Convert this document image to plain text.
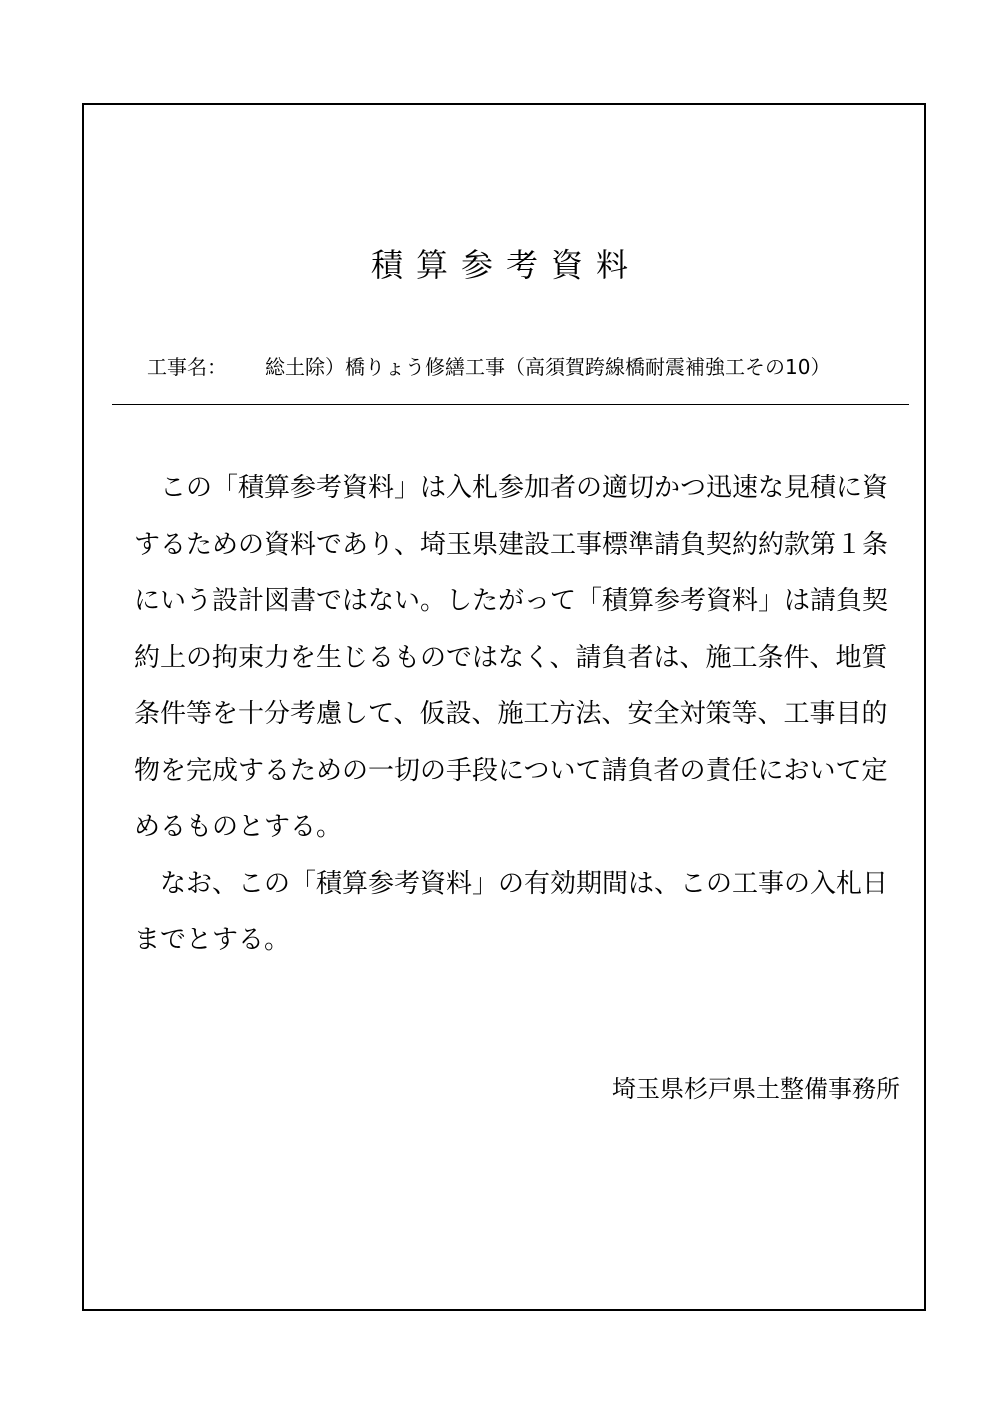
積算参考資料
工事名： 総土除）橋りょう修繕工事（高須賀跨線橋耐震補強工その10）

この「積算参考資料」は入札参加者の適切かつ迅速な見積に資するための資料であり、埼玉県建設工事標準請負契約約款第１条にいう設計図書ではない。したがって「積算参考資料」は請負契約上の拘束力を生じるものではなく、請負者は、施工条件、地質条件等を十分考慮して、仮設、施工方法、安全対策等、工事目的物を完成するための一切の手段について請負者の責任において定めるものとする。

なお、この「積算参考資料」の有効期間は、この工事の入札日までとする。

埼玉県杉戸県土整備事務所
